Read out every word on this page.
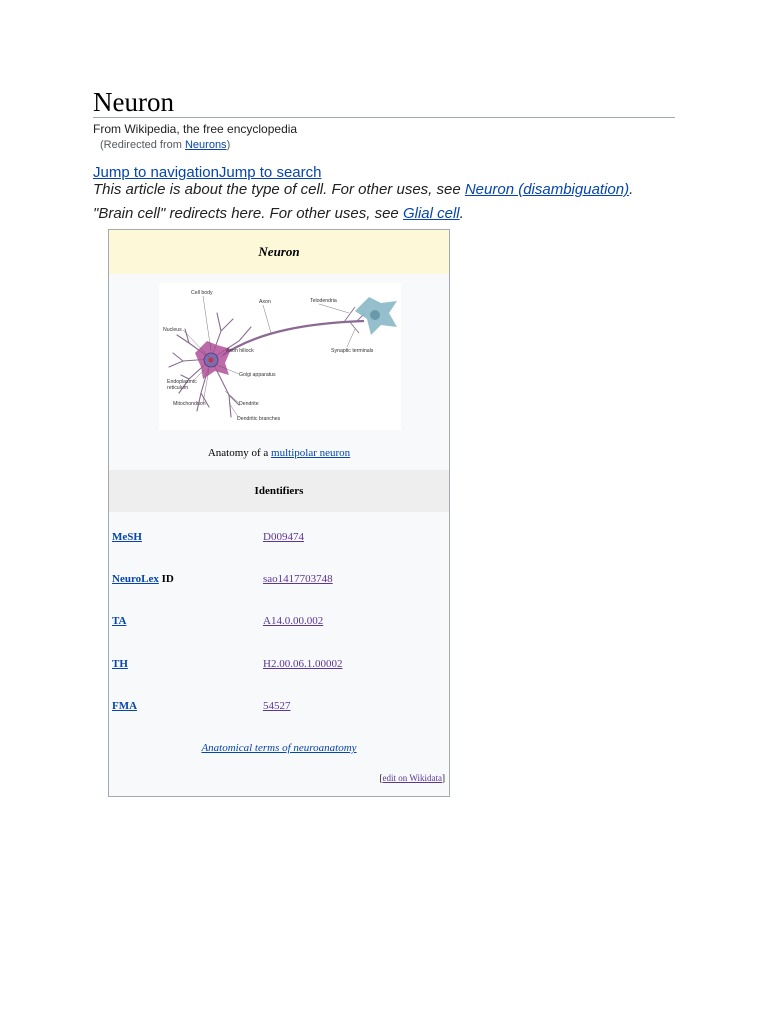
Neuron
From Wikipedia, the free encyclopedia
(Redirected from Neurons)
Jump to navigationJump to search
This article is about the type of cell. For other uses, see Neuron (disambiguation).
"Brain cell" redirects here. For other uses, see Glial cell.
Neuron
Cell body
Axon	Telodendria
Nucleus
Axon hillock	Synaptic terminals
Golgi apparatus
Endoplasmic
reticulum
Mitochondrion	Dendrite
Dendritic branches
Anatomy of a multipolar neuron
Identifiers
MeSH	D009474
NeuroLex ID	sao1417703748
TA	A14.0.00.002
TH	H2.00.06.1.00002
FMA	54527
Anatomical terms of neuroanatomy
[edit on Wikidata]
